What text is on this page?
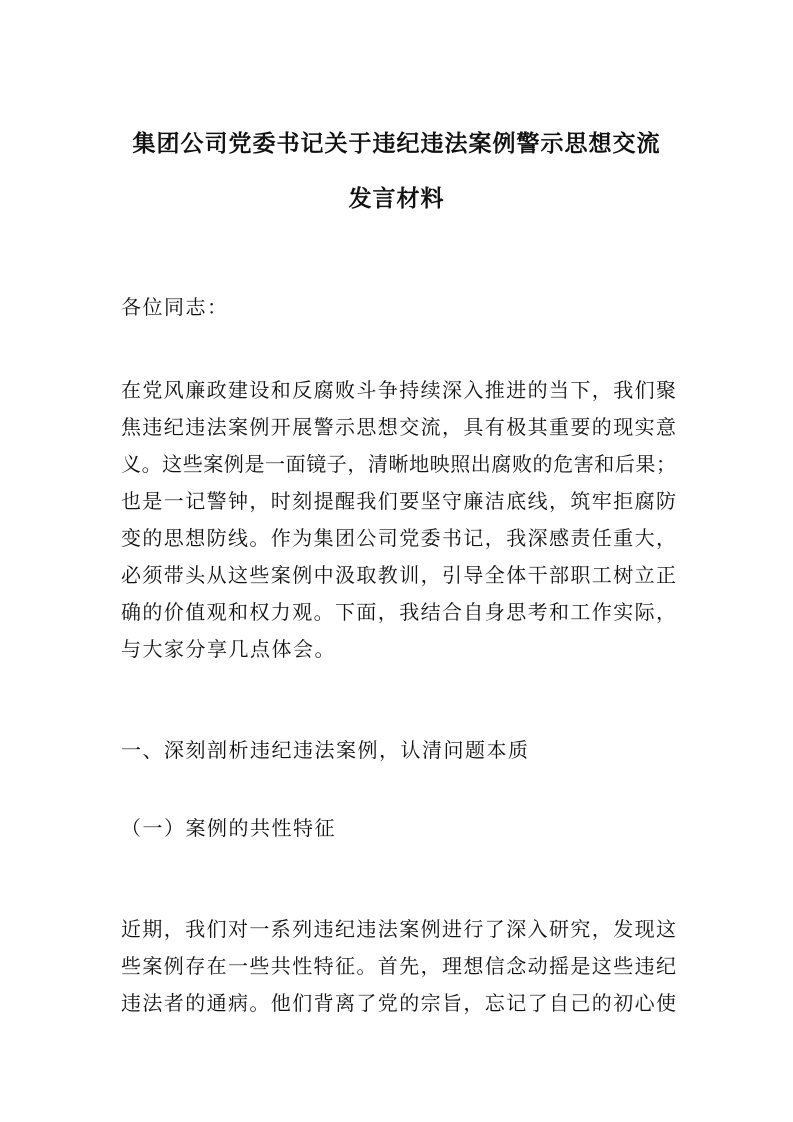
集团公司党委书记关于违纪违法案例警示思想交流
发言材料

各位同志：

在党风廉政建设和反腐败斗争持续深入推进的当下，我们聚

焦违纪违法案例开展警示思想交流，具有极其重要的现实意

义。这些案例是一面镜子，清晰地映照出腐败的危害和后果；

也是一记警钟，时刻提醒我们要坚守廉洁底线，筑牢拒腐防

变的思想防线。作为集团公司党委书记，我深感责任重大，

必须带头从这些案例中汲取教训，引导全体干部职工树立正

确的价值观和权力观。下面，我结合自身思考和工作实际，

与大家分享几点体会。

一、深刻剖析违纪违法案例，认清问题本质

（一）案例的共性特征

近期，我们对一系列违纪违法案例进行了深入研究，发现这

些案例存在一些共性特征。首先，理想信念动摇是这些违纪

违法者的通病。他们背离了党的宗旨，忘记了自己的初心使
